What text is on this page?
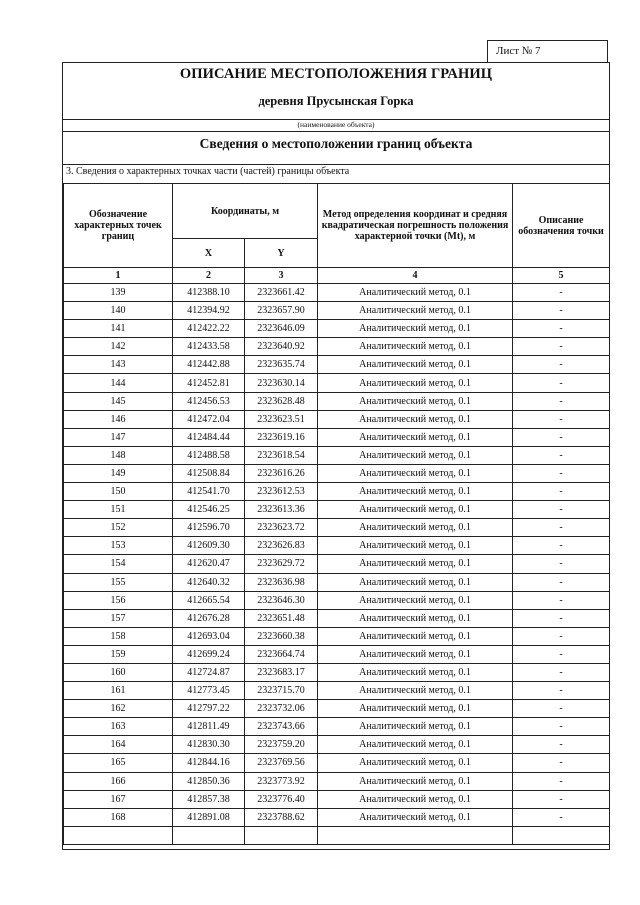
Лист № 7
ОПИСАНИЕ МЕСТОПОЛОЖЕНИЯ ГРАНИЦ
деревня Прусынская Горка
(наименование объекта)
Сведения о местоположении границ объекта
3. Сведения о характерных точках части (частей) границы объекта
Обозначение характерных точек границ	Координаты, м		Метод определения координат и средняя квадратическая погрешность положения характерной точки (Mt), м	Описание обозначения точки
	X	Y		
1	2	3	4	5
139	412388.10	2323661.42	Аналитический метод, 0.1	-
140	412394.92	2323657.90	Аналитический метод, 0.1	-
141	412422.22	2323646.09	Аналитический метод, 0.1	-
142	412433.58	2323640.92	Аналитический метод, 0.1	-
143	412442.88	2323635.74	Аналитический метод, 0.1	-
144	412452.81	2323630.14	Аналитический метод, 0.1	-
145	412456.53	2323628.48	Аналитический метод, 0.1	-
146	412472.04	2323623.51	Аналитический метод, 0.1	-
147	412484.44	2323619.16	Аналитический метод, 0.1	-
148	412488.58	2323618.54	Аналитический метод, 0.1	-
149	412508.84	2323616.26	Аналитический метод, 0.1	-
150	412541.70	2323612.53	Аналитический метод, 0.1	-
151	412546.25	2323613.36	Аналитический метод, 0.1	-
152	412596.70	2323623.72	Аналитический метод, 0.1	-
153	412609.30	2323626.83	Аналитический метод, 0.1	-
154	412620.47	2323629.72	Аналитический метод, 0.1	-
155	412640.32	2323636.98	Аналитический метод, 0.1	-
156	412665.54	2323646.30	Аналитический метод, 0.1	-
157	412676.28	2323651.48	Аналитический метод, 0.1	-
158	412693.04	2323660.38	Аналитический метод, 0.1	-
159	412699.24	2323664.74	Аналитический метод, 0.1	-
160	412724.87	2323683.17	Аналитический метод, 0.1	-
161	412773.45	2323715.70	Аналитический метод, 0.1	-
162	412797.22	2323732.06	Аналитический метод, 0.1	-
163	412811.49	2323743.66	Аналитический метод, 0.1	-
164	412830.30	2323759.20	Аналитический метод, 0.1	-
165	412844.16	2323769.56	Аналитический метод, 0.1	-
166	412850.36	2323773.92	Аналитический метод, 0.1	-
167	412857.38	2323776.40	Аналитический метод, 0.1	-
168	412891.08	2323788.62	Аналитический метод, 0.1	-
